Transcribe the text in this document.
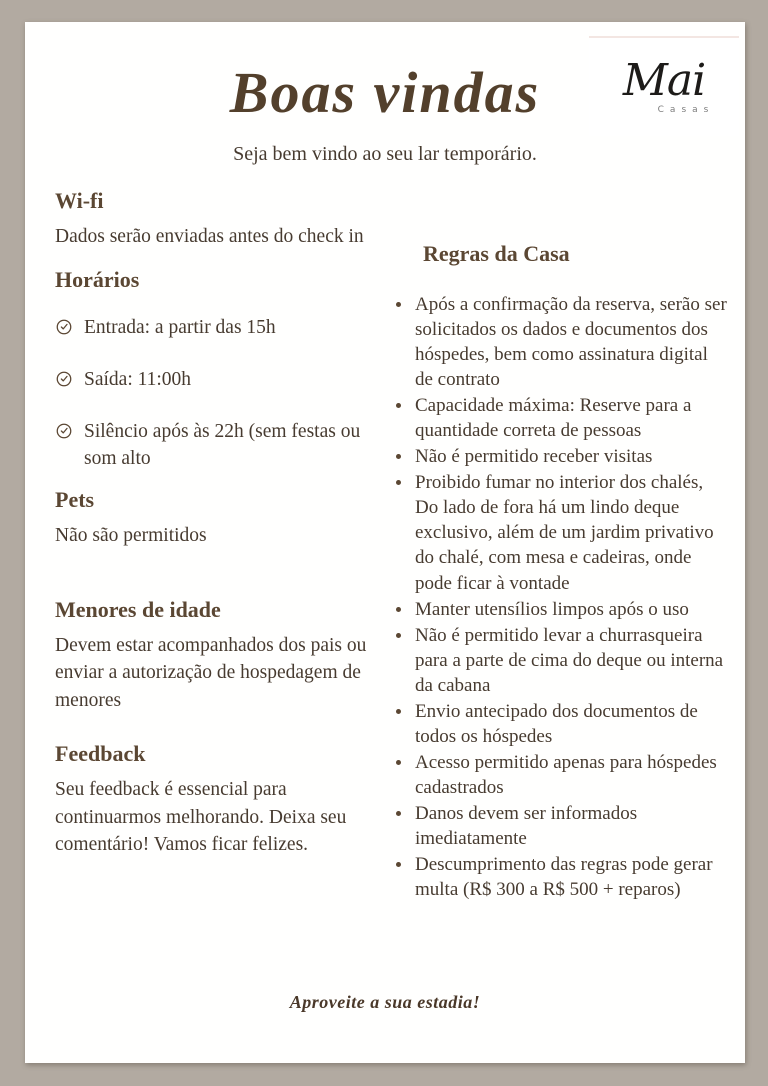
Mai
Casas
Boas vindas
Seja bem vindo ao seu lar temporário.
Wi-fi

Dados serão enviadas antes do check in

Horários
Entrada: a partir das 15h
Saída: 11:00h
Silêncio após às 22h (sem festas ou som alto
Pets

Não são permitidos

Menores de idade

Devem estar acompanhados dos pais ou enviar a autorização de hospedagem de menores

Feedback

Seu feedback é essencial para continuarmos melhorando. Deixa seu comentário! Vamos ficar felizes.

Regras da Casa
• Após a confirmação da reserva, serão ser solicitados os dados e documentos dos hóspedes, bem como assinatura digital de contrato
• Capacidade máxima: Reserve para a quantidade correta de pessoas
• Não é permitido receber visitas
• Proibido fumar no interior dos chalés, Do lado de fora há um lindo deque exclusivo, além de um jardim privativo do chalé, com mesa e cadeiras, onde pode ficar à vontade
• Manter utensílios limpos após o uso
• Não é permitido levar a churrasqueira para a parte de cima do deque ou interna da cabana
• Envio antecipado dos documentos de todos os hóspedes
• Acesso permitido apenas para hóspedes cadastrados
• Danos devem ser informados imediatamente
• Descumprimento das regras pode gerar multa (R$ 300 a R$ 500 + reparos)
Aproveite a sua estadia!
